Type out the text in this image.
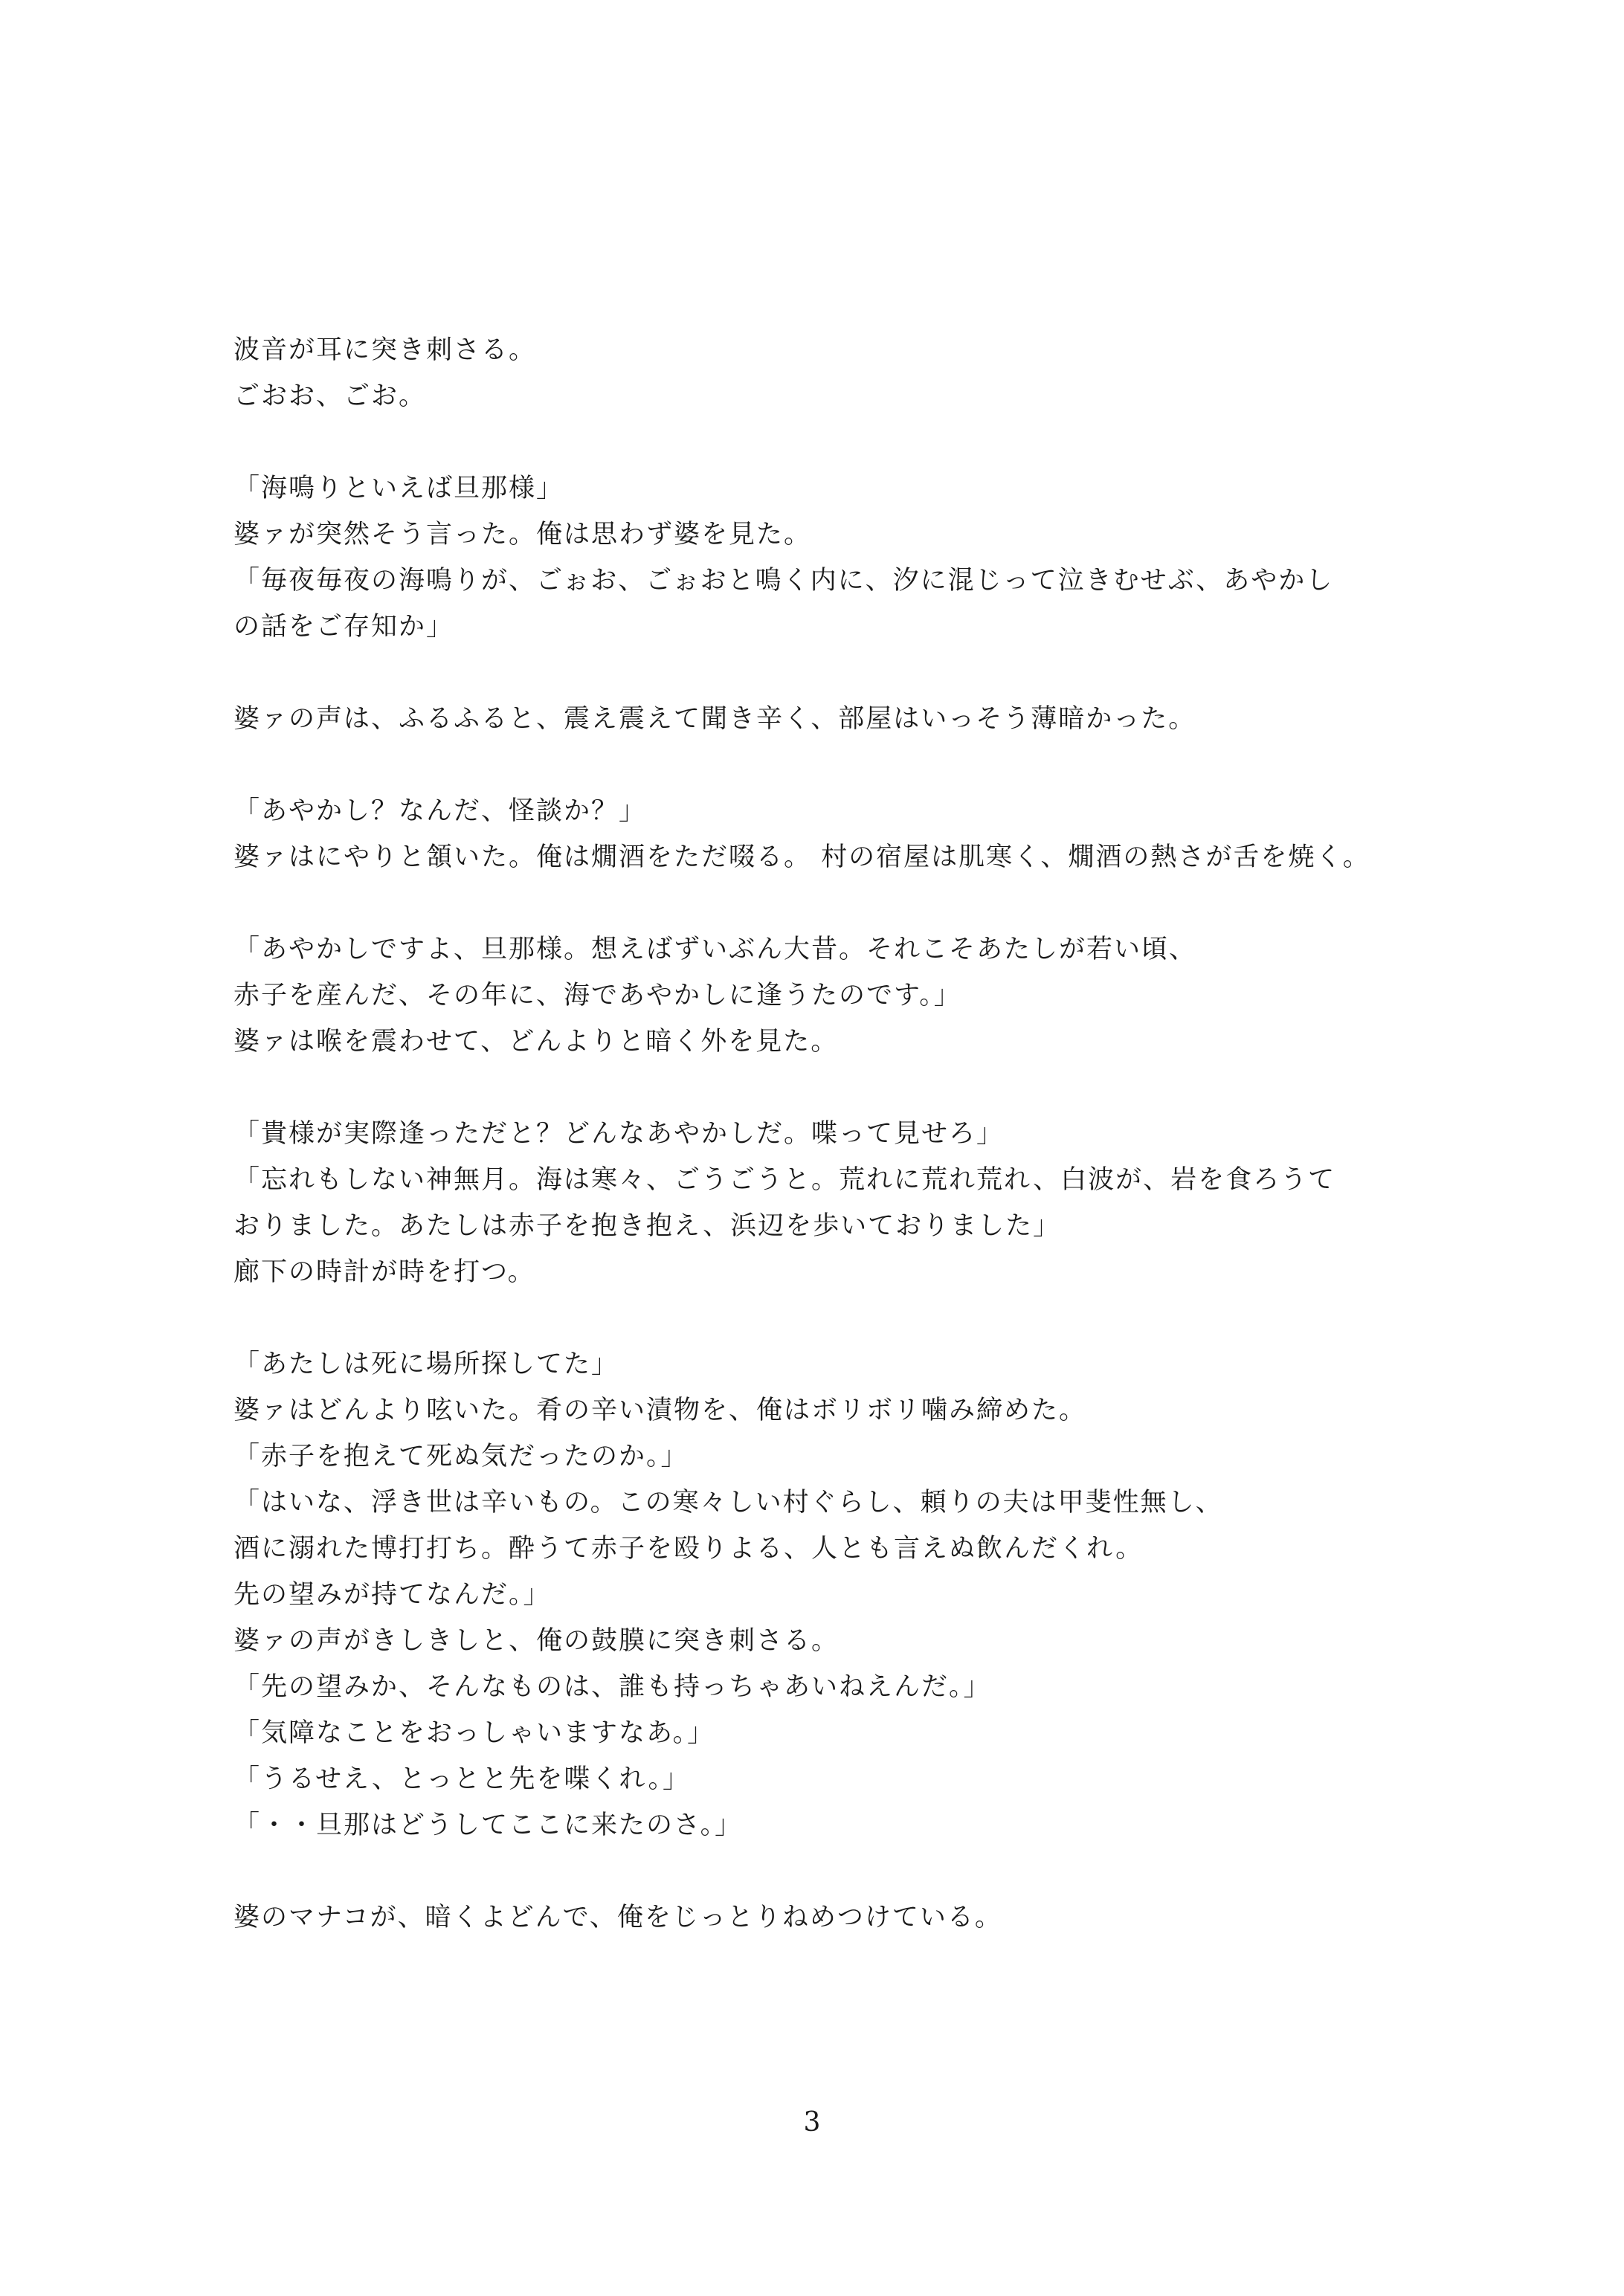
波音が耳に突き刺さる。
ごおお、ごお。
「海鳴りといえば旦那様」
婆ァが突然そう言った。俺は思わず婆を見た。
「毎夜毎夜の海鳴りが、ごぉお、ごぉおと鳴く内に、汐に混じって泣きむせぶ、あやかし
の話をご存知か」
婆ァの声は、ふるふると、震え震えて聞き辛く、部屋はいっそう薄暗かった。
「あやかし？なんだ、怪談か？」
婆ァはにやりと頷いた。俺は燗酒をただ啜る。 村の宿屋は肌寒く、燗酒の熱さが舌を焼く。
「あやかしですよ、旦那様。想えばずいぶん大昔。それこそあたしが若い頃、
赤子を産んだ、その年に、海であやかしに逢うたのです。」
婆ァは喉を震わせて、どんよりと暗く外を見た。
「貴様が実際逢っただと？どんなあやかしだ。喋って見せろ」
「忘れもしない神無月。海は寒々、ごうごうと。荒れに荒れ荒れ、白波が、岩を食ろうて
おりました。あたしは赤子を抱き抱え、浜辺を歩いておりました」
廊下の時計が時を打つ。
「あたしは死に場所探してた」
婆ァはどんより呟いた。肴の辛い漬物を、俺はボリボリ噛み締めた。
「赤子を抱えて死ぬ気だったのか。」
「はいな、浮き世は辛いもの。この寒々しい村ぐらし、頼りの夫は甲斐性無し、
酒に溺れた博打打ち。酔うて赤子を殴りよる、人とも言えぬ飲んだくれ。
先の望みが持てなんだ。」
婆ァの声がきしきしと、俺の鼓膜に突き刺さる。
「先の望みか、そんなものは、誰も持っちゃあいねえんだ。」
「気障なことをおっしゃいますなあ。」
「うるせえ、とっとと先を喋くれ。」
「・・旦那はどうしてここに来たのさ。」
婆のマナコが、暗くよどんで、俺をじっとりねめつけている。
3
